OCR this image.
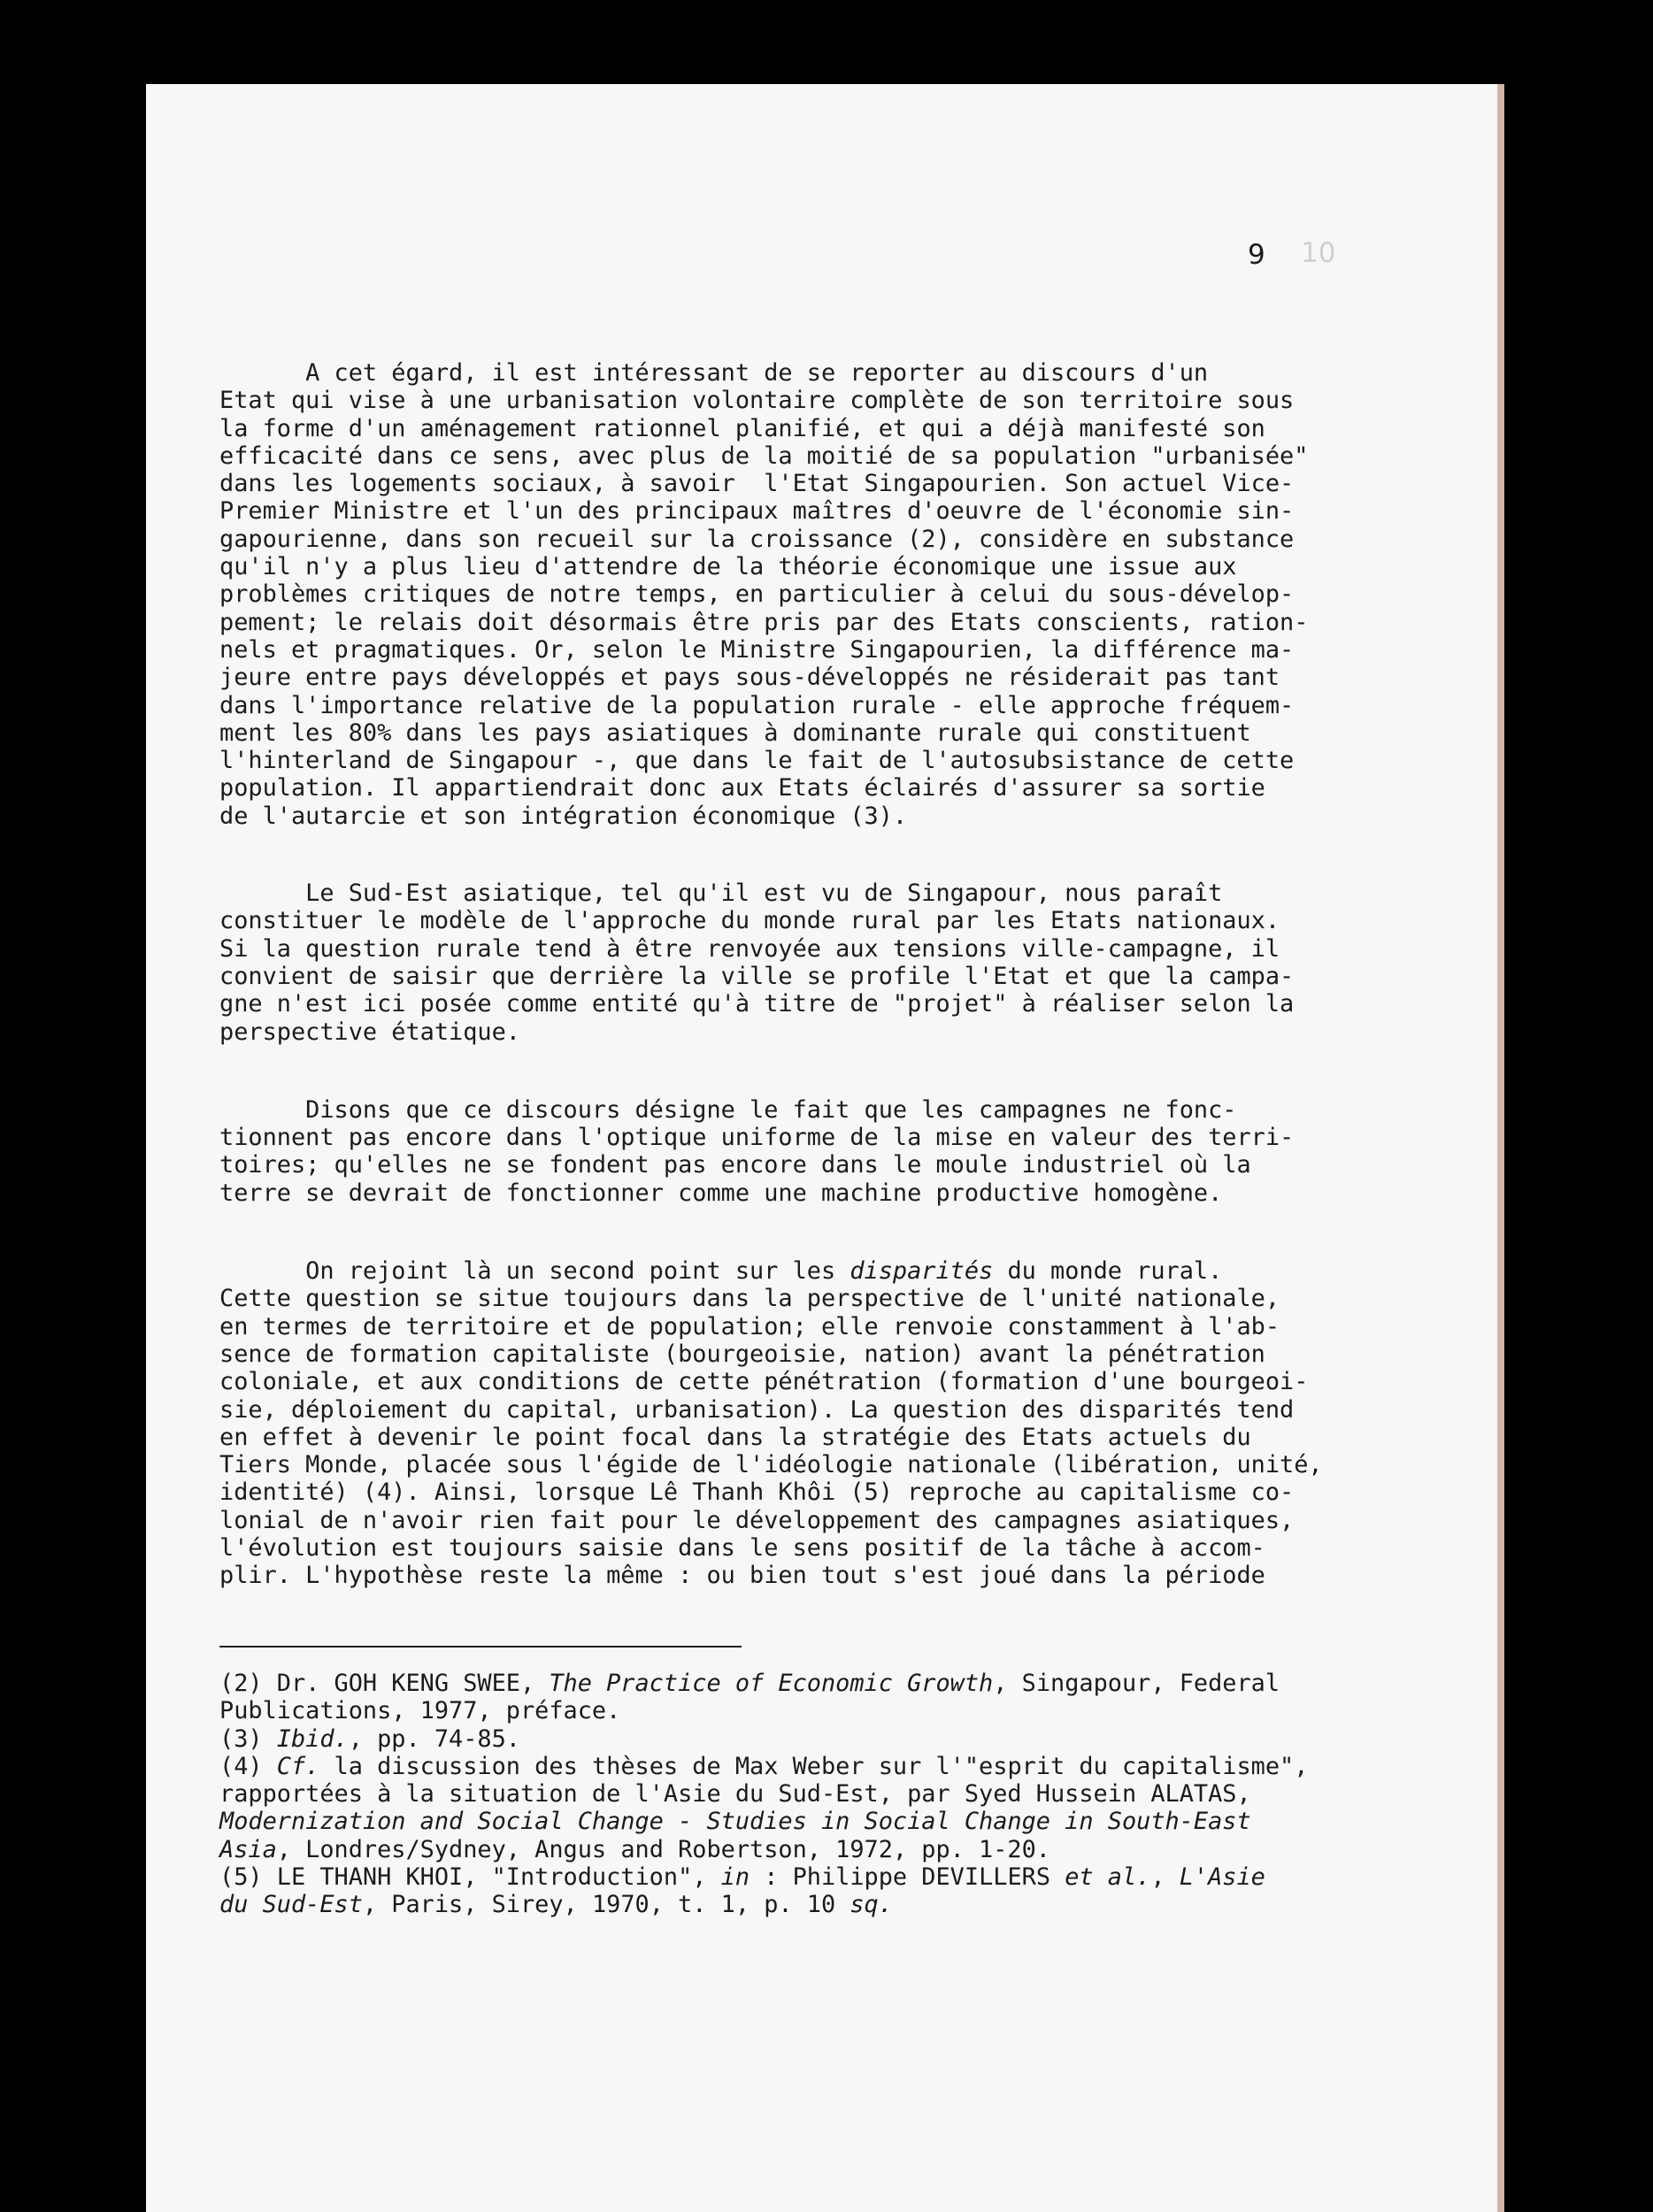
10
9
A cet égard, il est intéressant de se reporter au discours d'un
Etat qui vise à une urbanisation volontaire complète de son territoire sous
la forme d'un aménagement rationnel planifié, et qui a déjà manifesté son
efficacité dans ce sens, avec plus de la moitié de sa population "urbanisée"
dans les logements sociaux, à savoir  l'Etat Singapourien. Son actuel Vice-
Premier Ministre et l'un des principaux maîtres d'oeuvre de l'économie sin-
gapourienne, dans son recueil sur la croissance (2), considère en substance
qu'il n'y a plus lieu d'attendre de la théorie économique une issue aux
problèmes critiques de notre temps, en particulier à celui du sous-dévelop-
pement; le relais doit désormais être pris par des Etats conscients, ration-
nels et pragmatiques. Or, selon le Ministre Singapourien, la différence ma-
jeure entre pays développés et pays sous-développés ne résiderait pas tant
dans l'importance relative de la population rurale - elle approche fréquem-
ment les 80% dans les pays asiatiques à dominante rurale qui constituent
l'hinterland de Singapour -, que dans le fait de l'autosubsistance de cette
population. Il appartiendrait donc aux Etats éclairés d'assurer sa sortie
de l'autarcie et son intégration économique (3).
Le Sud-Est asiatique, tel qu'il est vu de Singapour, nous paraît
constituer le modèle de l'approche du monde rural par les Etats nationaux.
Si la question rurale tend à être renvoyée aux tensions ville-campagne, il
convient de saisir que derrière la ville se profile l'Etat et que la campa-
gne n'est ici posée comme entité qu'à titre de "projet" à réaliser selon la
perspective étatique.
Disons que ce discours désigne le fait que les campagnes ne fonc-
tionnent pas encore dans l'optique uniforme de la mise en valeur des terri-
toires; qu'elles ne se fondent pas encore dans le moule industriel où la
terre se devrait de fonctionner comme une machine productive homogène.
On rejoint là un second point sur les disparités du monde rural.
Cette question se situe toujours dans la perspective de l'unité nationale,
en termes de territoire et de population; elle renvoie constamment à l'ab-
sence de formation capitaliste (bourgeoisie, nation) avant la pénétration
coloniale, et aux conditions de cette pénétration (formation d'une bourgeoi-
sie, déploiement du capital, urbanisation). La question des disparités tend
en effet à devenir le point focal dans la stratégie des Etats actuels du
Tiers Monde, placée sous l'égide de l'idéologie nationale (libération, unité,
identité) (4). Ainsi, lorsque Lê Thanh Khôi (5) reproche au capitalisme co-
lonial de n'avoir rien fait pour le développement des campagnes asiatiques,
l'évolution est toujours saisie dans le sens positif de la tâche à accom-
plir. L'hypothèse reste la même : ou bien tout s'est joué dans la période
(2) Dr. GOH KENG SWEE, The Practice of Economic Growth, Singapour, Federal
Publications, 1977, préface.
(3) Ibid., pp. 74-85.
(4) Cf. la discussion des thèses de Max Weber sur l'"esprit du capitalisme",
rapportées à la situation de l'Asie du Sud-Est, par Syed Hussein ALATAS,
Modernization and Social Change - Studies in Social Change in South-East
Asia, Londres/Sydney, Angus and Robertson, 1972, pp. 1-20.
(5) LE THANH KHOI, "Introduction", in : Philippe DEVILLERS et al., L'Asie
du Sud-Est, Paris, Sirey, 1970, t. 1, p. 10 sq.
